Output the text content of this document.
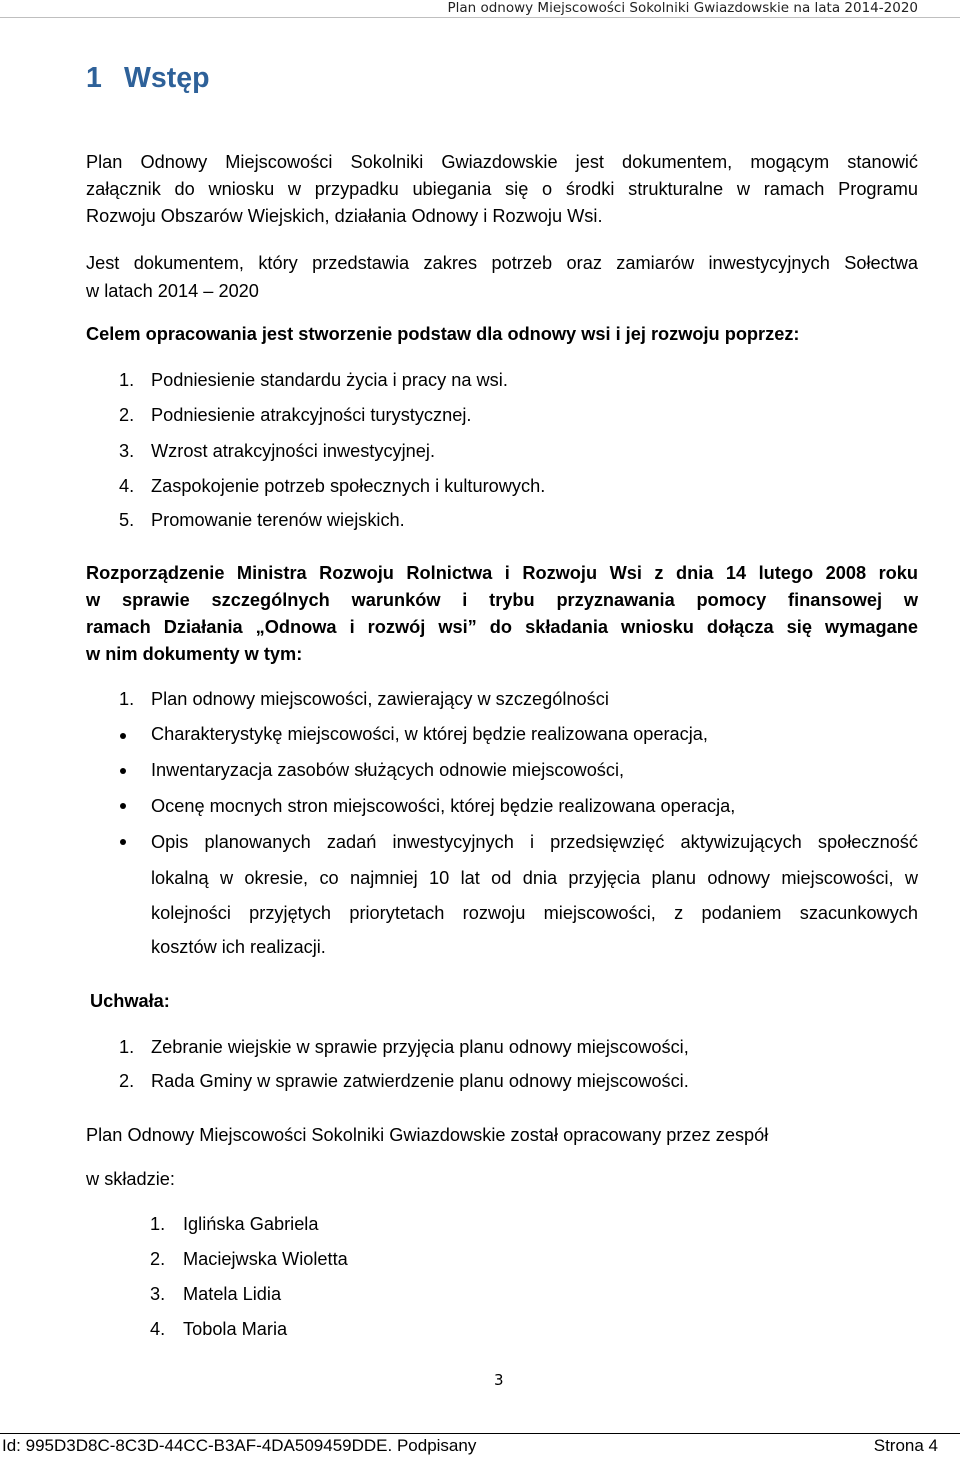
Plan odnowy Miejscowości Sokolniki Gwiazdowskie na lata 2014-2020
1 Wstęp
Plan Odnowy Miejscowości Sokolniki Gwiazdowskie jest dokumentem, mogącym stanowić
załącznik do wniosku w przypadku ubiegania się o środki strukturalne w ramach Programu
Rozwoju Obszarów Wiejskich, działania Odnowy i Rozwoju Wsi.
Jest dokumentem, który przedstawia zakres potrzeb oraz zamiarów inwestycyjnych Sołectwa
w latach 2014 – 2020
Celem opracowania jest stworzenie podstaw dla odnowy wsi i jej rozwoju poprzez:
1. Podniesienie standardu życia i pracy na wsi.
2. Podniesienie atrakcyjności turystycznej.
3. Wzrost atrakcyjności inwestycyjnej.
4. Zaspokojenie potrzeb społecznych i kulturowych.
5. Promowanie terenów wiejskich.
Rozporządzenie Ministra Rozwoju Rolnictwa i Rozwoju Wsi z dnia 14 lutego 2008 roku
w sprawie szczególnych warunków i trybu przyznawania pomocy finansowej w
ramach Działania „Odnowa i rozwój wsi” do składania wniosku dołącza się wymagane
w nim dokumenty w tym:
1. Plan odnowy miejscowości, zawierający w szczególności
Charakterystykę miejscowości, w której będzie realizowana operacja,
Inwentaryzacja zasobów służących odnowie miejscowości,
Ocenę mocnych stron miejscowości, której będzie realizowana operacja,
Opis planowanych zadań inwestycyjnych i przedsięwzięć aktywizujących społeczność
lokalną w okresie, co najmniej 10 lat od dnia przyjęcia planu odnowy miejscowości, w
kolejności przyjętych priorytetach rozwoju miejscowości, z podaniem szacunkowych
kosztów ich realizacji.
Uchwała:
1. Zebranie wiejskie w sprawie przyjęcia planu odnowy miejscowości,
2. Rada Gminy w sprawie zatwierdzenie planu odnowy miejscowości.
Plan Odnowy Miejscowości Sokolniki Gwiazdowskie został opracowany przez zespół
w składzie:
1. Iglińska Gabriela
2. Maciejwska Wioletta
3. Matela Lidia
4. Tobola Maria
3
Id: 995D3D8C-8C3D-44CC-B3AF-4DA509459DDE. Podpisany	Strona 4
